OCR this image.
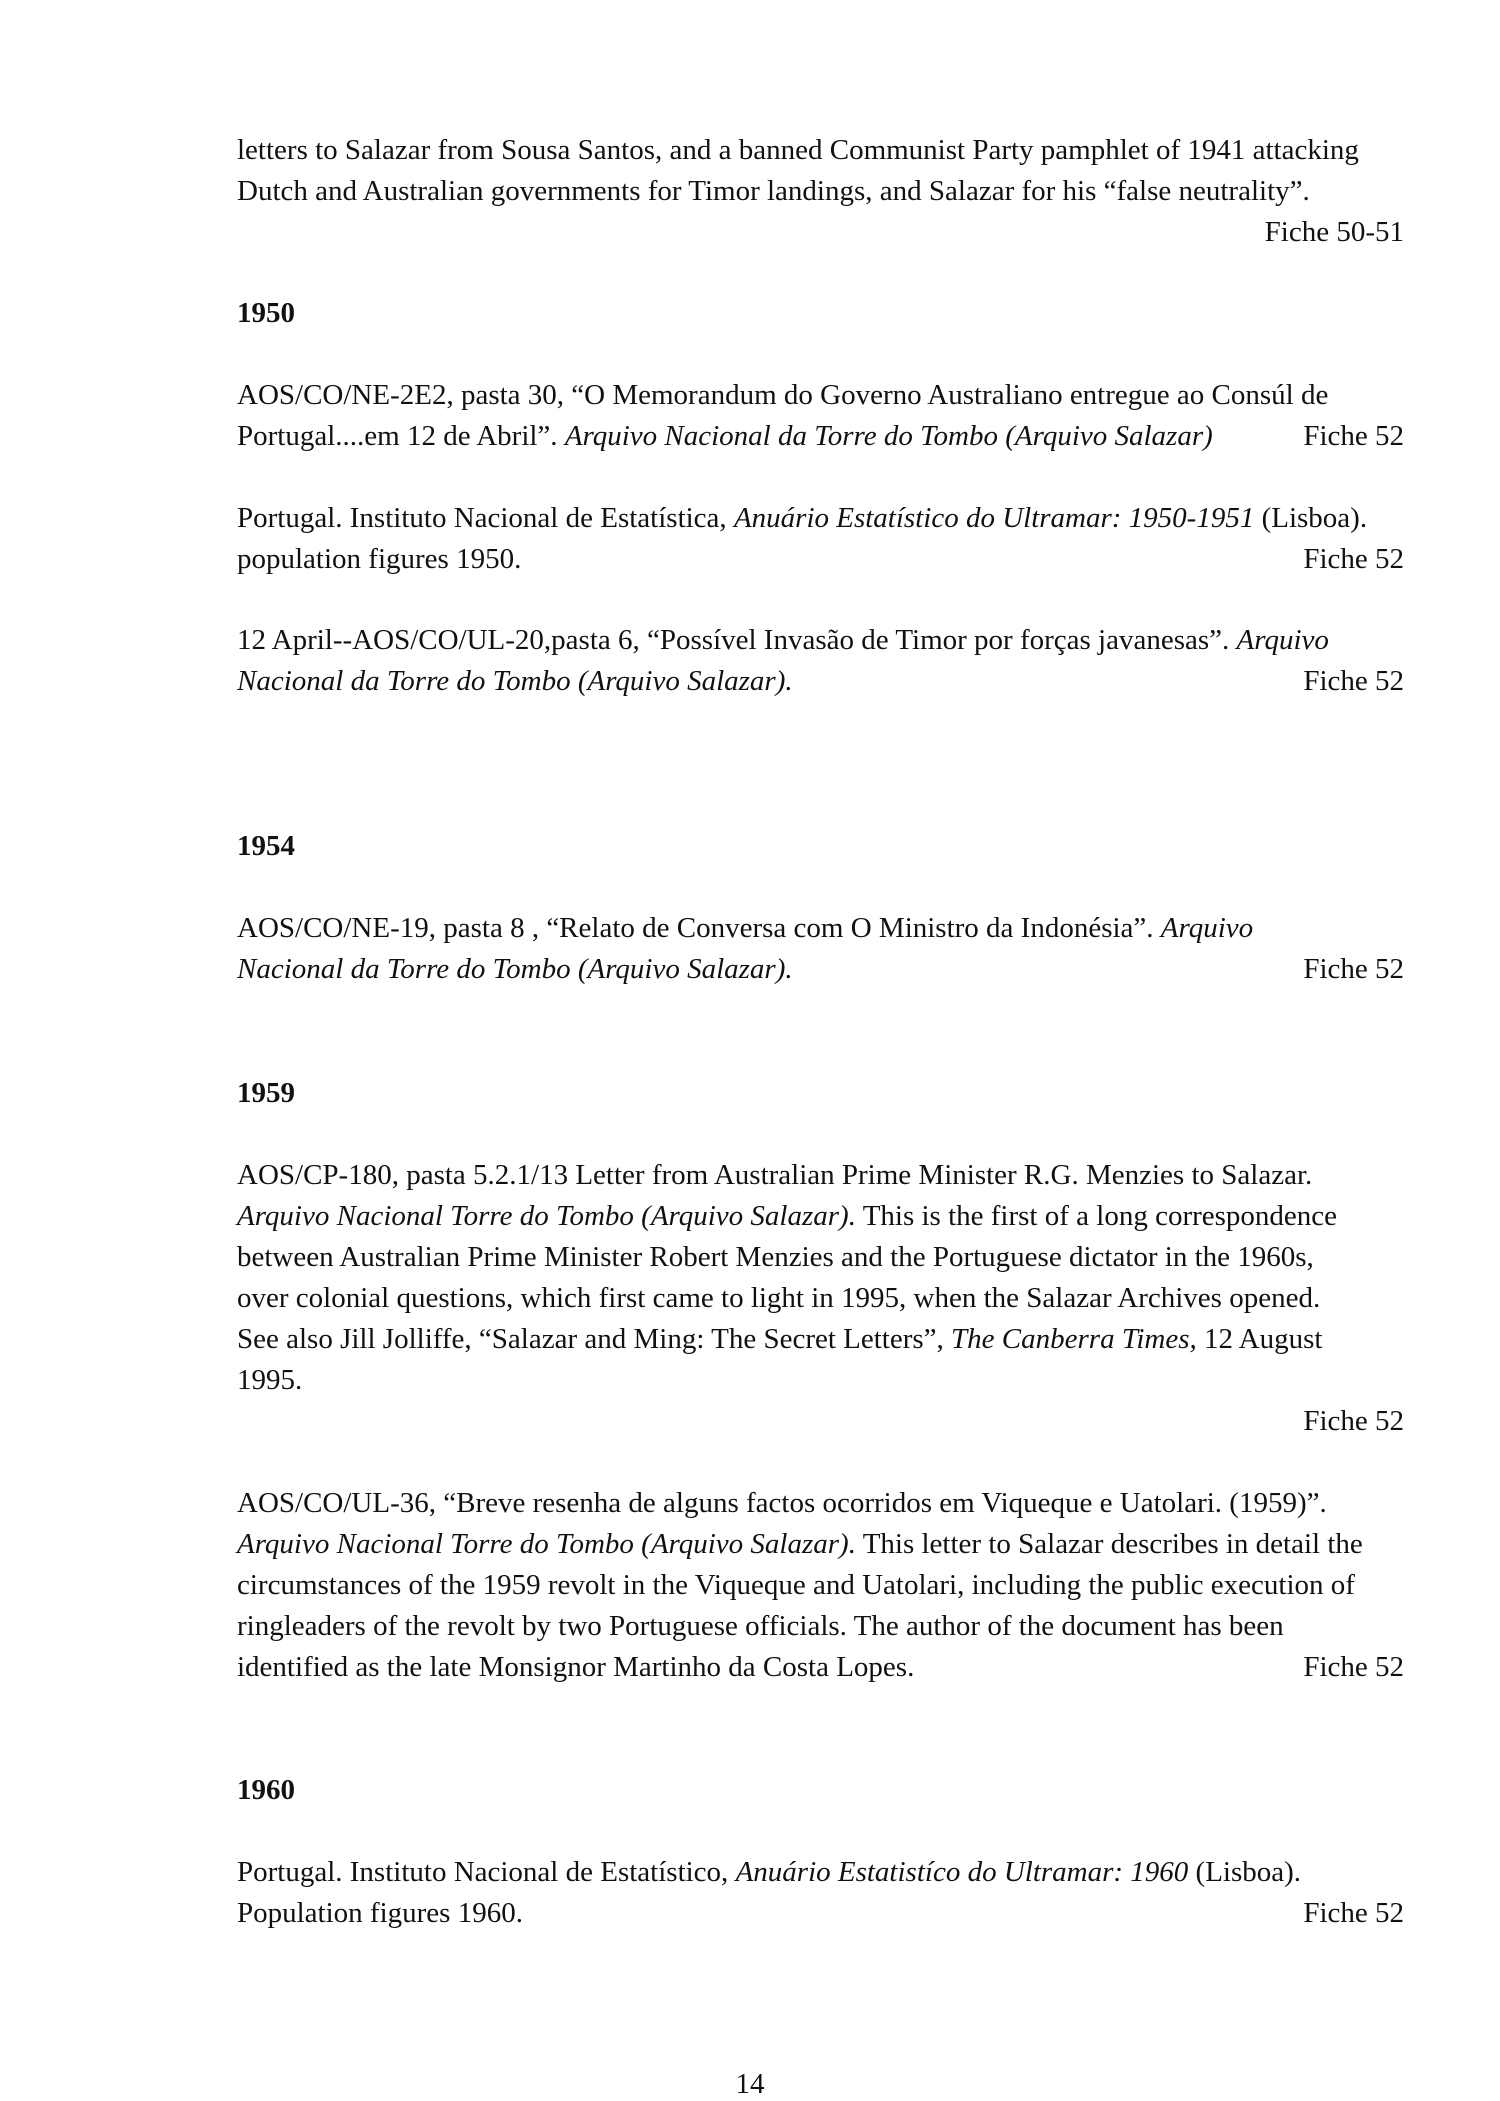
letters to Salazar from Sousa Santos, and a banned Communist Party pamphlet of 1941 attacking
Dutch and Australian governments for Timor landings, and Salazar for his “false neutrality”.
Fiche 50-51
1950
AOS/CO/NE-2E2, pasta 30, “O Memorandum do Governo Australiano entregue ao Consúl de
Portugal....em 12 de Abril”. Arquivo Nacional da Torre do Tombo (Arquivo Salazar)	Fiche 52
Portugal. Instituto Nacional de Estatística, Anuário Estatístico do Ultramar: 1950-1951 (Lisboa).
population figures 1950.	Fiche 52
12 April--AOS/CO/UL-20,pasta 6, “Possível Invasão de Timor por forças javanesas”. Arquivo
Nacional da Torre do Tombo (Arquivo Salazar).	Fiche 52
1954
AOS/CO/NE-19, pasta 8 , “Relato de Conversa com O Ministro da Indonésia”. Arquivo
Nacional da Torre do Tombo (Arquivo Salazar).	Fiche 52
1959
AOS/CP-180, pasta 5.2.1/13 Letter from Australian Prime Minister R.G. Menzies to Salazar.
Arquivo Nacional Torre do Tombo (Arquivo Salazar). This is the first of a long correspondence
between Australian Prime Minister Robert Menzies and the Portuguese dictator in the 1960s,
over colonial questions, which first came to light in 1995, when the Salazar Archives opened.
See also Jill Jolliffe, “Salazar and Ming: The Secret Letters”, The Canberra Times, 12 August
1995.
Fiche 52
AOS/CO/UL-36, “Breve resenha de alguns factos ocorridos em Viqueque e Uatolari. (1959)”.
Arquivo Nacional Torre do Tombo (Arquivo Salazar). This letter to Salazar describes in detail the
circumstances of the 1959 revolt in the Viqueque and Uatolari, including the public execution of
ringleaders of the revolt by two Portuguese officials. The author of the document has been
identified as the late Monsignor Martinho da Costa Lopes.	Fiche 52
1960
Portugal. Instituto Nacional de Estatístico, Anuário Estatistíco do Ultramar: 1960 (Lisboa).
Population figures 1960.	Fiche 52
14
